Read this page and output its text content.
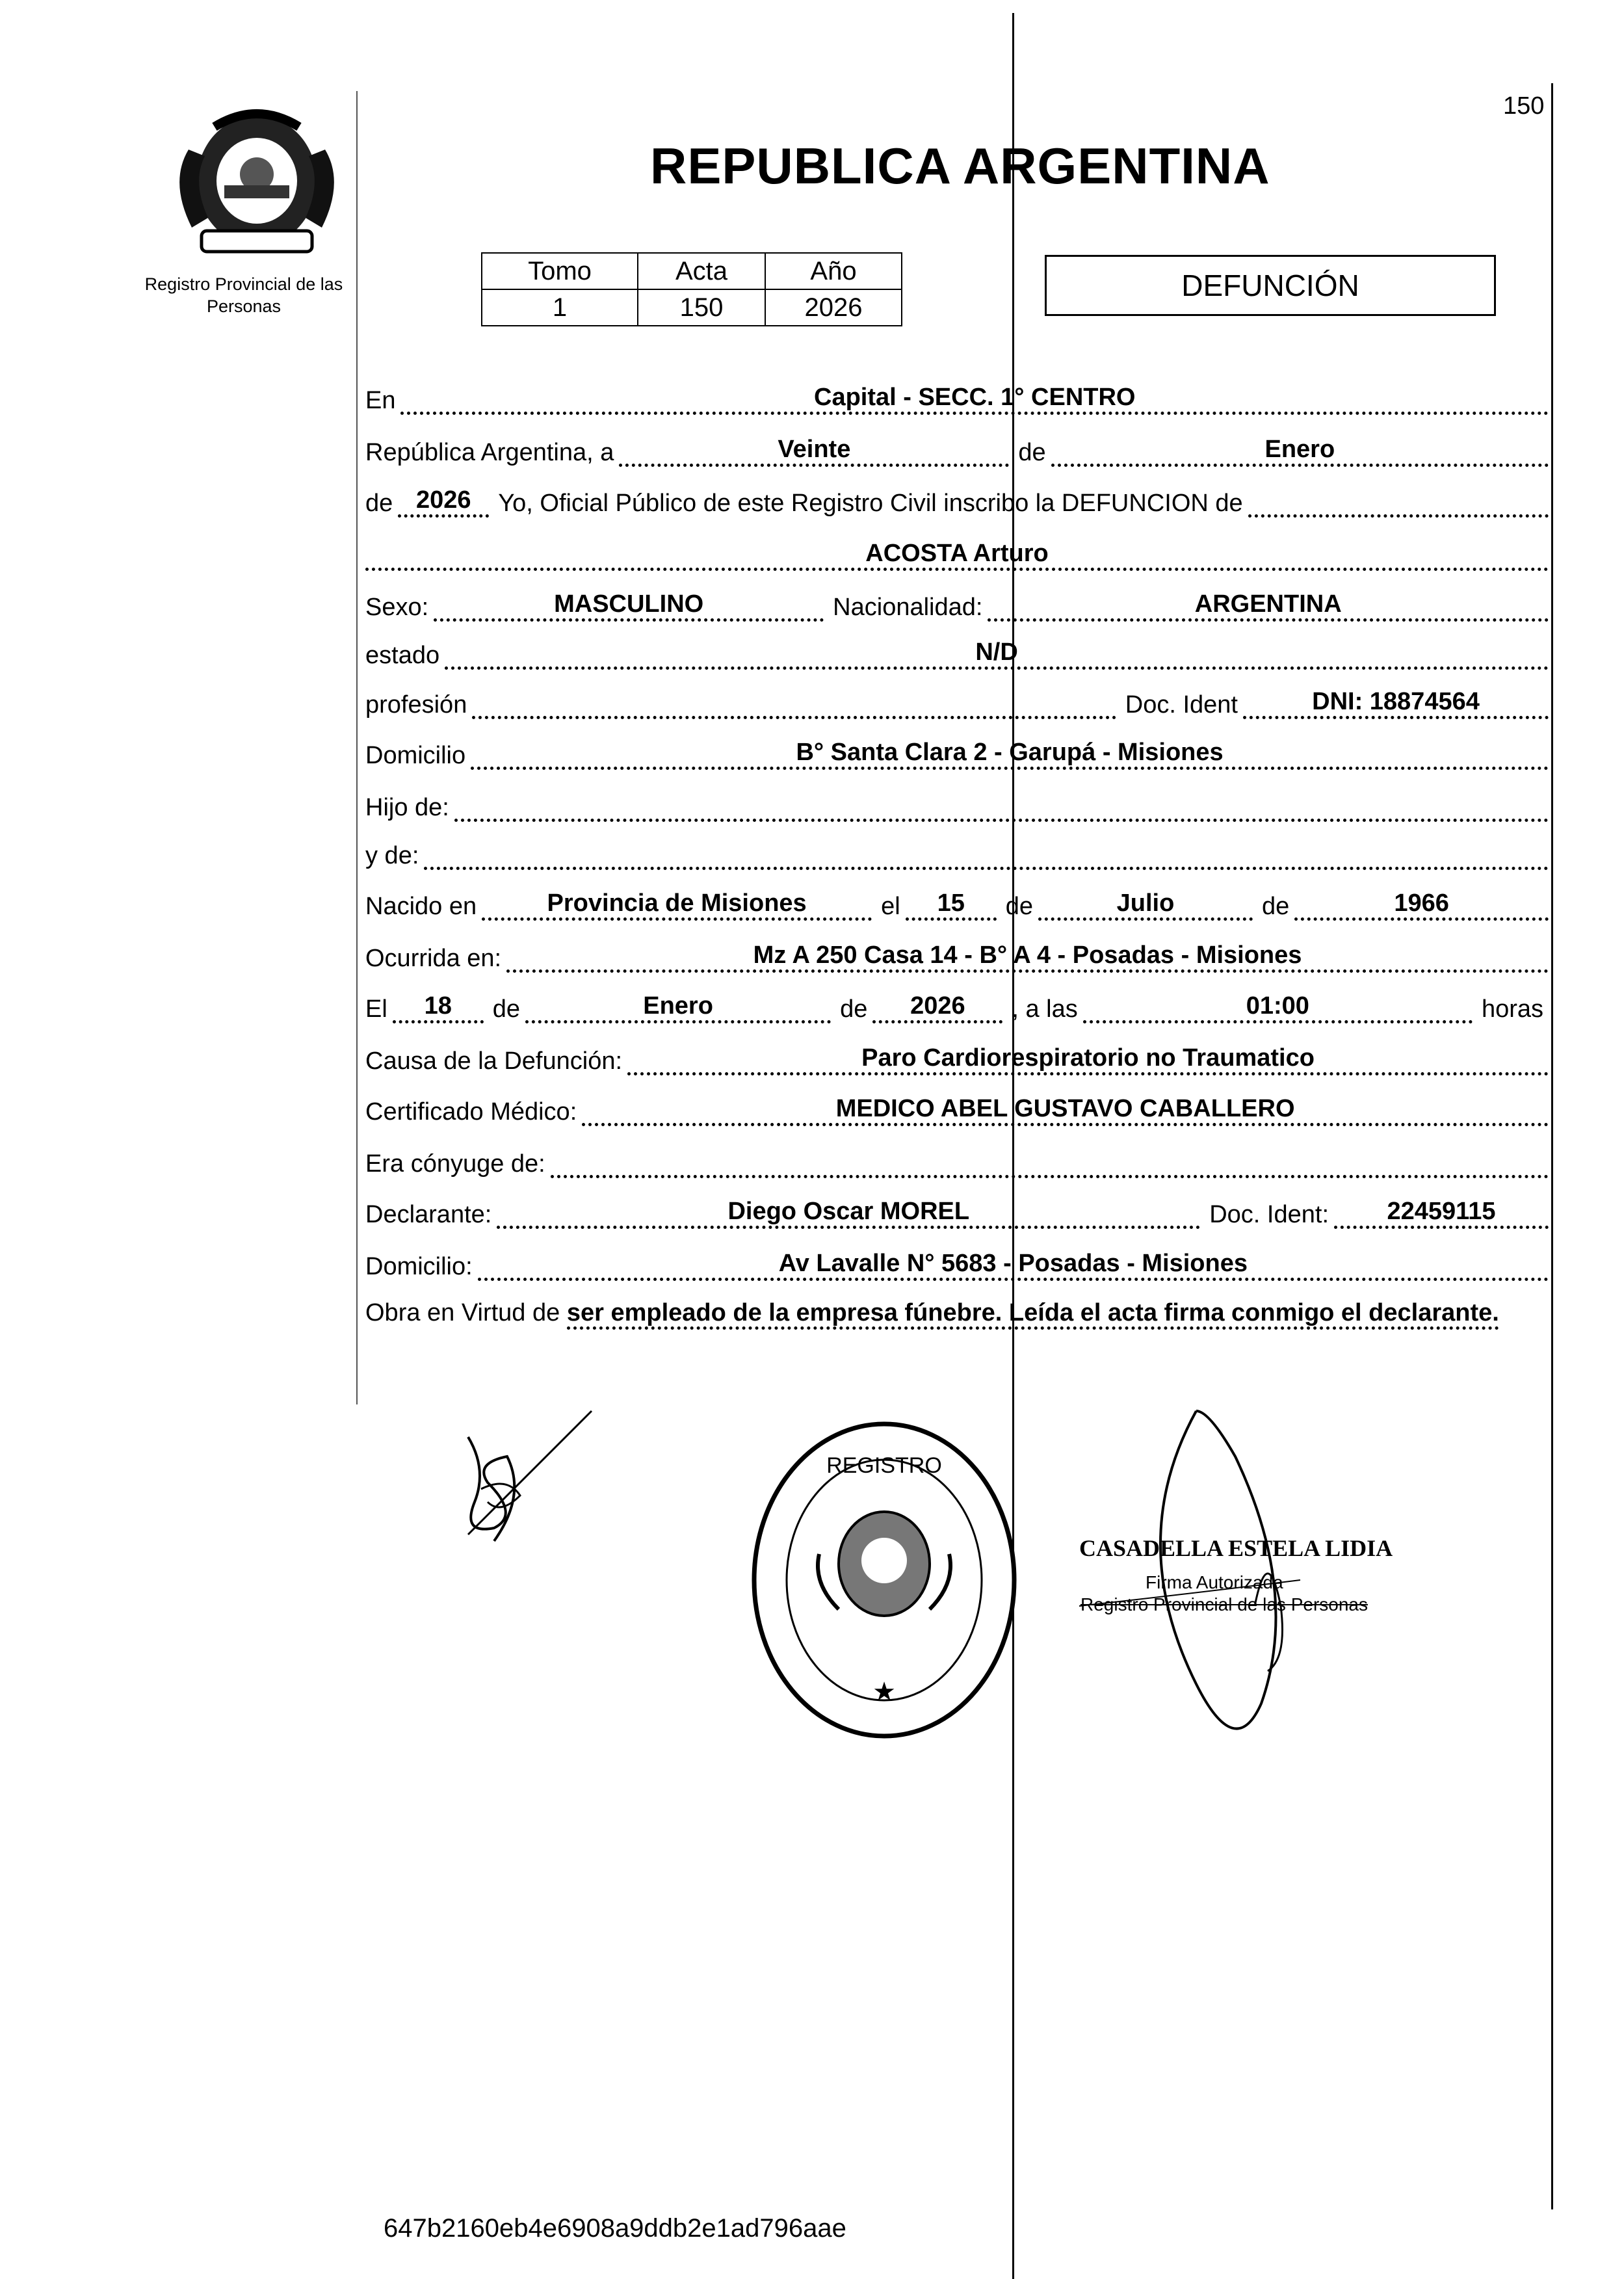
150
Registro Provincial de las Personas
REPUBLICA ARGENTINA
Tomo	Acta	Año
1	150	2026
DEFUNCIÓN
En	Capital - SECC. 1° CENTRO
República Argentina, a	Veinte	de	Enero
de 2026	Yo, Oficial Público de este Registro Civil inscribo la DEFUNCION de
ACOSTA Arturo
Sexo:	MASCULINO	Nacionalidad:	ARGENTINA
estado	N/D
profesión	Doc. Ident	DNI: 18874564
Domicilio	B° Santa Clara 2 - Garupá - Misiones
Hijo de:
y de:
Nacido en	Provincia de Misiones	el	15	de	Julio	de	1966
Ocurrida en:	Mz A 250 Casa 14 - B° A 4 - Posadas - Misiones
El	18	de	Enero	de	2026	, a las	01:00	horas
Causa de la Defunción:	Paro Cardiorespiratorio no Traumatico
Certificado Médico:	MEDICO ABEL GUSTAVO CABALLERO
Era cónyuge de:
Declarante:	Diego Oscar MOREL	Doc. Ident:	22459115
Domicilio:	Av Lavalle N° 5683 - Posadas - Misiones
Obra en Virtud de ser empleado de la empresa fúnebre. Leída el acta firma conmigo el declarante.
REGISTRO
★
CASADELLA ESTELA LIDIA
Firma Autorizada
Registro Provincial de las Personas
647b2160eb4e6908a9ddb2e1ad796aae
